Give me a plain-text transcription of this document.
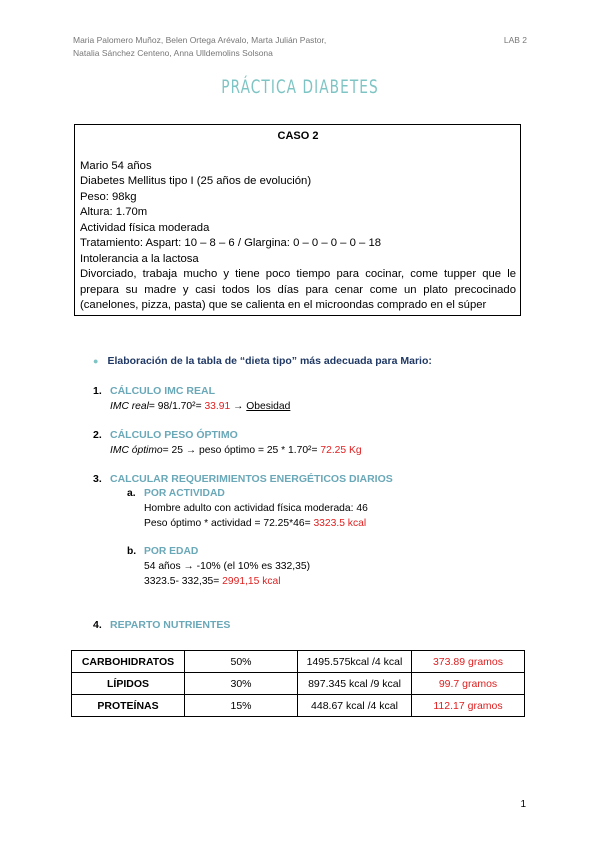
Maria Palomero Muñoz, Belen Ortega Arévalo, Marta Julián Pastor, Natalia Sánchez Centeno, Anna Ulldemolins Solsona
LAB 2
PRÁCTICA DIABETES
CASO 2

Mario 54 años

Diabetes Mellitus tipo I (25 años de evolución)

Peso: 98kg

Altura: 1.70m

Actividad física moderada

Tratamiento: Aspart: 10 – 8 – 6 / Glargina: 0 – 0 – 0 – 0 – 18

Intolerancia a la lactosa

Divorciado, trabaja mucho y tiene poco tiempo para cocinar, come tupper que le prepara su madre y casi todos los días para cenar come un plato precocinado (canelones, pizza, pasta) que se calienta en el microondas comprado en el súper

● Elaboración de la tabla de “dieta tipo” más adecuada para Mario:
1. CÁLCULO IMC REAL
IMC real= 98/1.70²= 33.91 → Obesidad
2. CÁLCULO PESO ÓPTIMO
IMC óptimo= 25 → peso óptimo = 25 * 1.70²= 72.25 Kg
3. CALCULAR REQUERIMIENTOS ENERGÉTICOS DIARIOS
a. POR ACTIVIDAD
Hombre adulto con actividad física moderada: 46
Peso óptimo * actividad = 72.25*46= 3323.5 kcal
b. POR EDAD
54 años → -10% (el 10% es 332,35)
3323.5- 332,35= 2991,15 kcal
4. REPARTO NUTRIENTES
CARBOHIDRATOS	50%	1495.575kcal /4 kcal	373.89 gramos
LÍPIDOS	30%	897.345 kcal /9 kcal	99.7 gramos
PROTEÍNAS	15%	448.67 kcal /4 kcal	112.17 gramos
1
